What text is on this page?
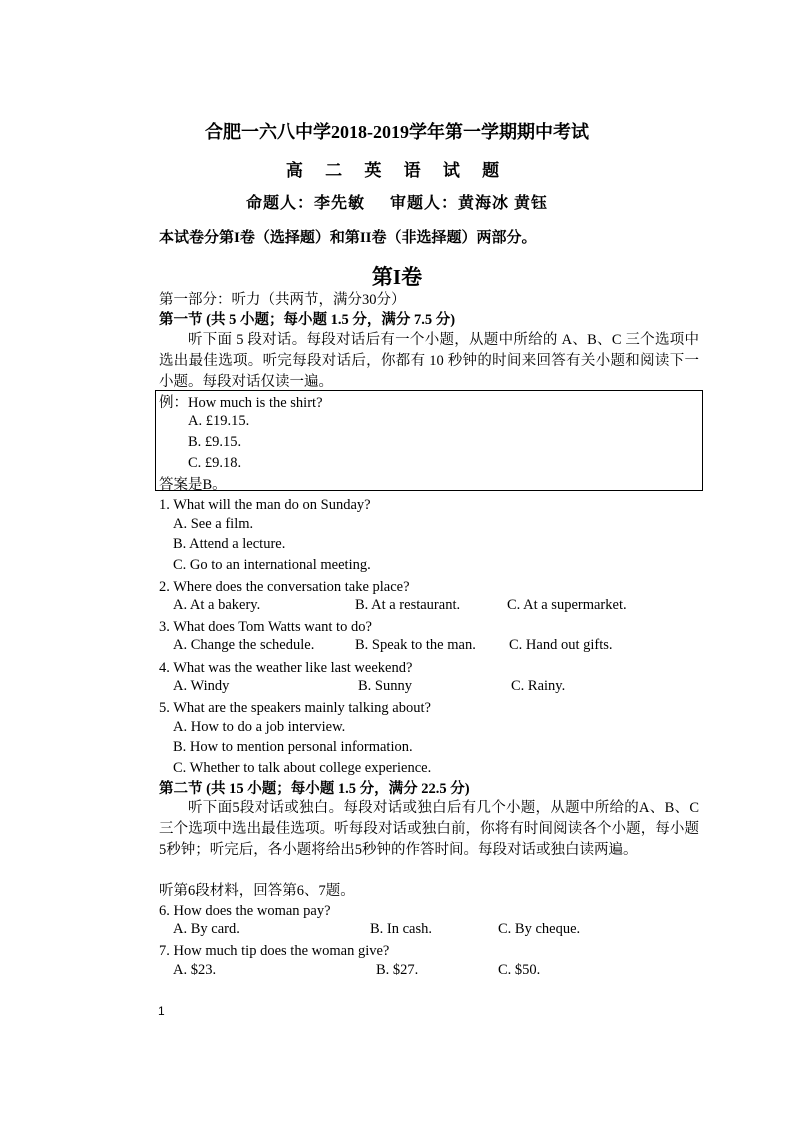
合肥一六八中学2018-2019学年第一学期期中考试
高 二 英 语 试 题
命题人：李先敏 审题人：黄海冰 黄钰
本试卷分第I卷（选择题）和第II卷（非选择题）两部分。
第I卷
第一部分：听力（共两节，满分30分）
第一节 (共 5 小题；每小题 1.5 分，满分 7.5 分)
听下面 5 段对话。每段对话后有一个小题，从题中所给的 A、B、C 三个选项中选出最佳选项。听完每段对话后，你都有 10 秒钟的时间来回答有关小题和阅读下一小题。每段对话仅读一遍。
例：How much is the shirt?
A. £19.15.
B. £9.15.
C. £9.18.
答案是B。
1. What will the man do on Sunday?
A. See a film.
B. Attend a lecture.
C. Go to an international meeting.
2. Where does the conversation take place?
A. At a bakery.	B. At a restaurant.	C. At a supermarket.
3. What does Tom Watts want to do?
A. Change the schedule.	B. Speak to the man. C. Hand out gifts.
4. What was the weather like last weekend?
A. Windy	B. Sunny	C. Rainy.
5. What are the speakers mainly talking about?
A. How to do a job interview.
B. How to mention personal information.
C. Whether to talk about college experience.
第二节 (共 15 小题；每小题 1.5 分，满分 22.5 分)
听下面5段对话或独白。每段对话或独白后有几个小题，从题中所给的A、B、C三个选项中选出最佳选项。听每段对话或独白前，你将有时间阅读各个小题，每小题5秒钟；听完后，各小题将给出5秒钟的作答时间。每段对话或独白读两遍。
听第6段材料，回答第6、7题。
6. How does the woman pay?
A. By card.	B. In cash.	C. By cheque.
7. How much tip does the woman give?
A. $23.	B. $27.	C. $50.
1
